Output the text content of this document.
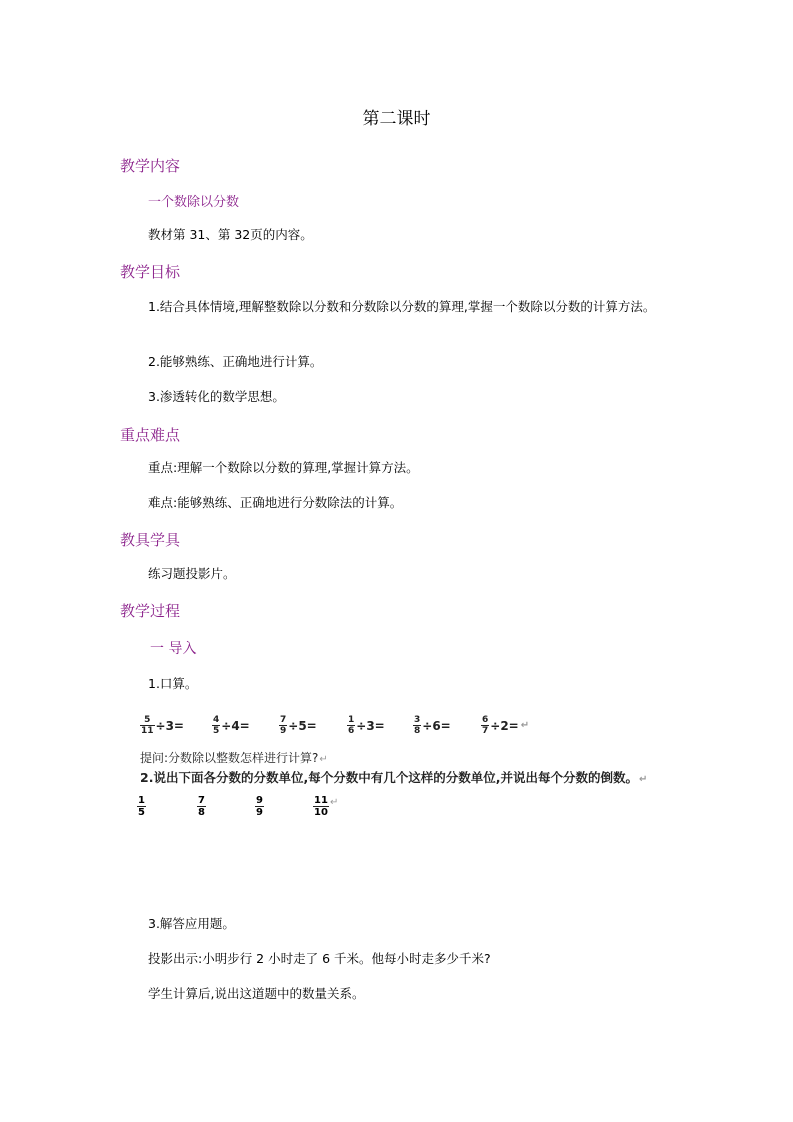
第二课时
教学内容
一个数除以分数
教材第 31、第 32页的内容。
教学目标
1.结合具体情境,理解整数除以分数和分数除以分数的算理,掌握一个数除以分数的计算方法。
2.能够熟练、正确地进行计算。
3.渗透转化的数学思想。
重点难点
重点:理解一个数除以分数的算理,掌握计算方法。
难点:能够熟练、正确地进行分数除法的计算。
教具学具
练习题投影片。
教学过程
一 导入
1.口算。
$\frac{5}{11} \div 3=$	$\frac{4}{5} \div 4=$	$\frac{7}{9} \div 5=$	$\frac{1}{6} \div 3=$	$\frac{3}{8} \div 6=$	$\frac{6}{7} \div 2=$ ↵
提问:分数除以整数怎样进行计算?↵
2.说出下面各分数的分数单位,每个分数中有几个这样的分数单位,并说出每个分数的倒数。↵
$\frac{1}{5}$	$\frac{7}{8}$	$\frac{9}{9}$	$\frac{11}{10}$ ↵
3.解答应用题。
投影出示:小明步行 2 小时走了 6 千米。他每小时走多少千米?
学生计算后,说出这道题中的数量关系。
